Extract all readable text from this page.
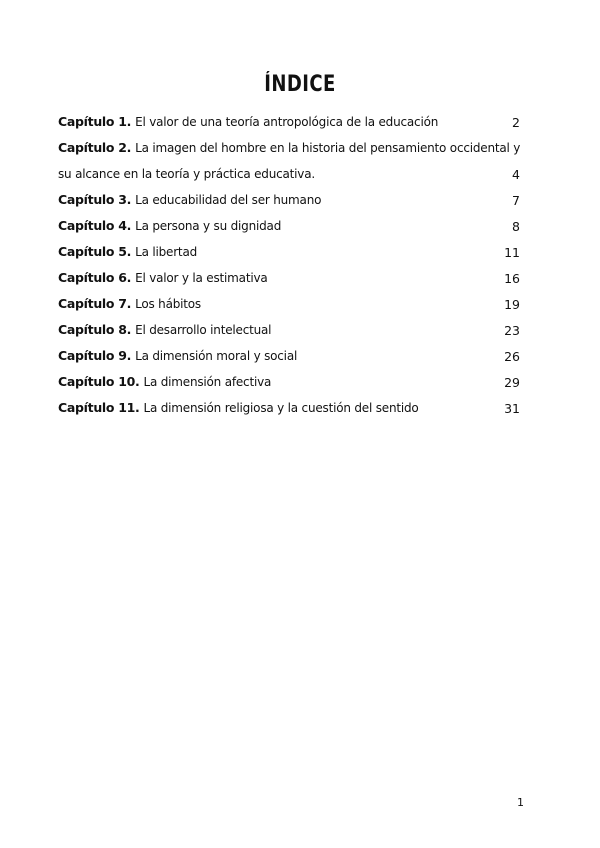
ÍNDICE
Capítulo 1. El valor de una teoría antropológica de la educación	2
Capítulo 2. La imagen del hombre en la historia del pensamiento occidental y su alcance en la teoría y práctica educativa.	4
Capítulo 3. La educabilidad del ser humano	7
Capítulo 4. La persona y su dignidad	8
Capítulo 5. La libertad	11
Capítulo 6. El valor y la estimativa	16
Capítulo 7. Los hábitos	19
Capítulo 8. El desarrollo intelectual	23
Capítulo 9. La dimensión moral y social	26
Capítulo 10. La dimensión afectiva	29
Capítulo 11. La dimensión religiosa y la cuestión del sentido	31
1
